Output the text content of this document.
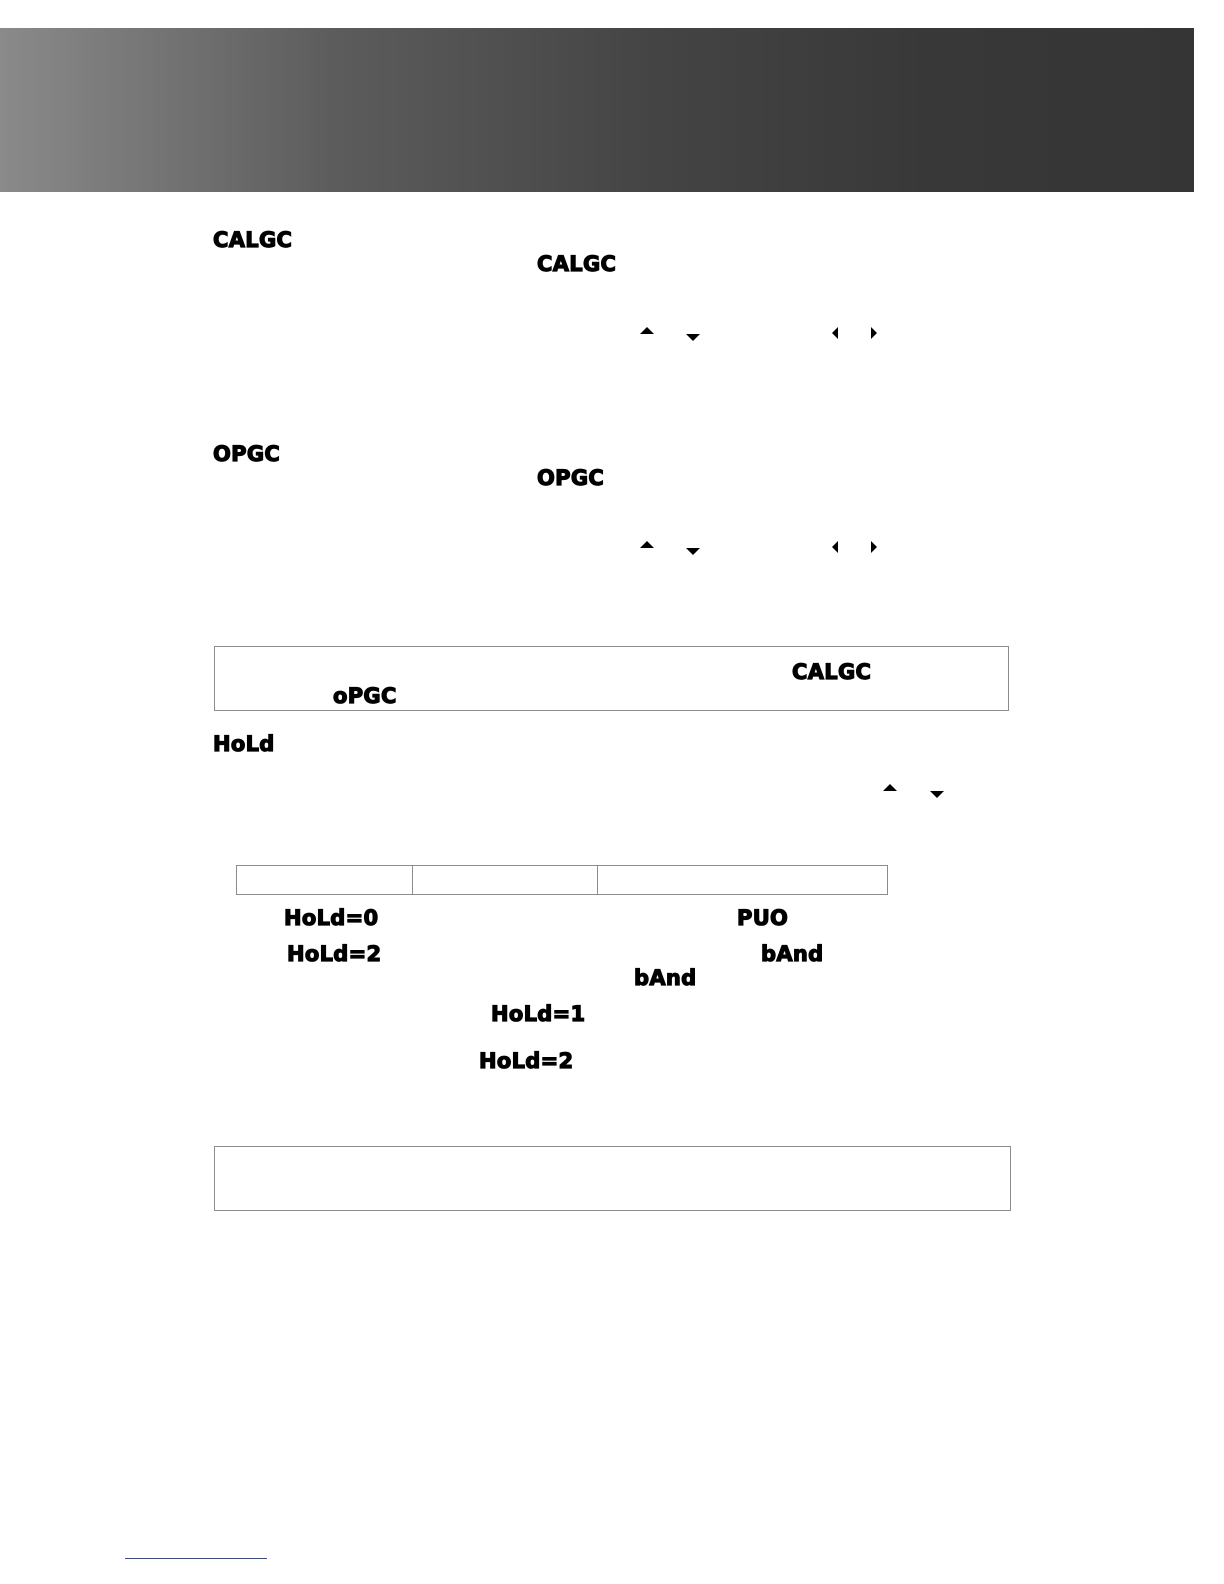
CALGC
CALGC
OPGC
OPGC
CALGC
oPGC
HoLd

HoLd=0	PUO
HoLd=2	bAnd
bAnd
HoLd=1
HoLd=2
